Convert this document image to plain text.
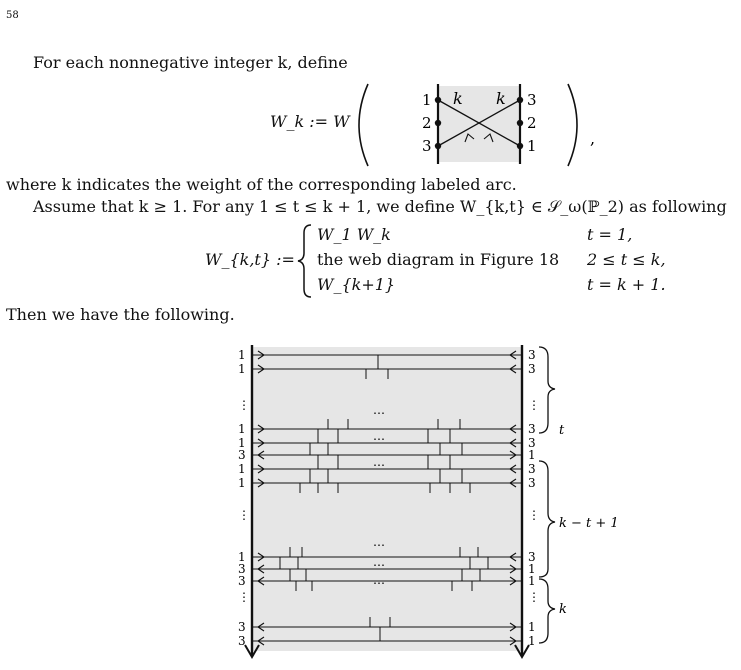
58
For each nonnegative integer k, define
W_k := W
1
2
3
3
2
1
k k
,
where k indicates the weight of the corresponding labeled arc.
Assume that k ≥ 1. For any 1 ≤ t ≤ k + 1, we define W_{k,t} ∈ 𝒮_ω(ℙ_2) as following
W_{k,t} :=
W_1 W_k
the web diagram in Figure 18
W_{k+1}
t = 1,
2 ≤ t ≤ k,
t = k + 1.
Then we have the following.
1
1
⋮
1
1
3
1
1
⋮
1
3
3
⋮
3
3
3
3
⋮
3
3
1
3
3
⋮
3
1
1
⋮
1
1
⋯
⋯
⋯
⋯
⋯
⋯
t
k − t + 1
k
